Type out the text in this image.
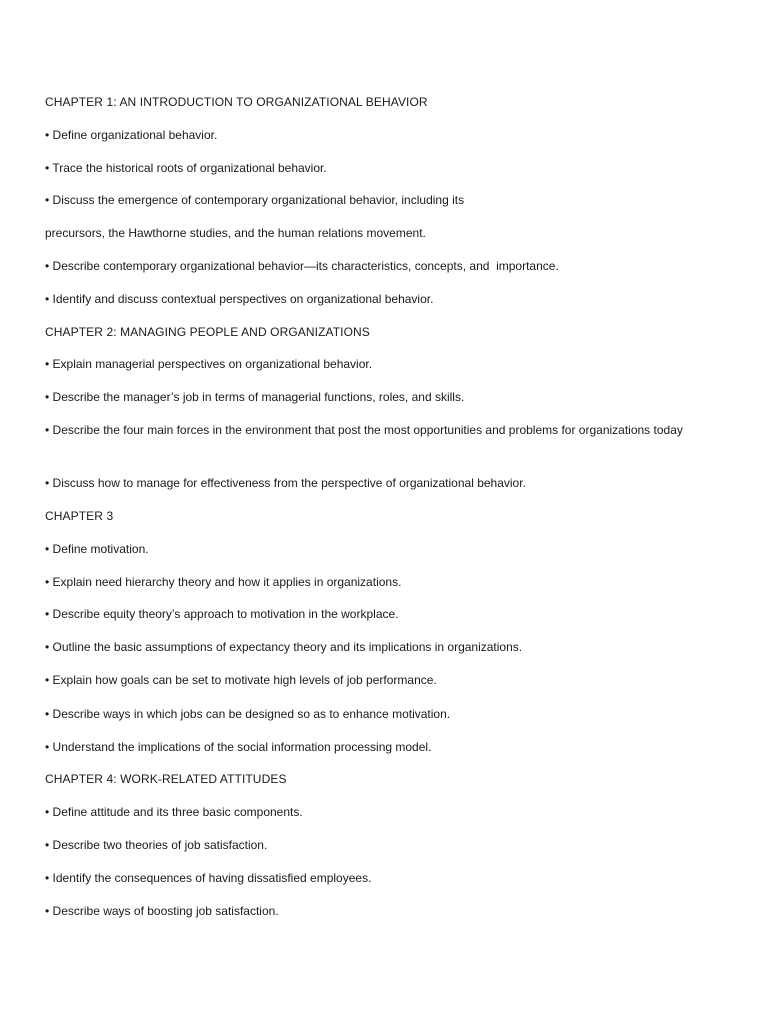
CHAPTER 1: AN INTRODUCTION TO ORGANIZATIONAL BEHAVIOR

• Define organizational behavior.

• Trace the historical roots of organizational behavior.

• Discuss the emergence of contemporary organizational behavior, including its

precursors, the Hawthorne studies, and the human relations movement.

• Describe contemporary organizational behavior—its characteristics, concepts, and  importance.

• Identify and discuss contextual perspectives on organizational behavior.

CHAPTER 2: MANAGING PEOPLE AND ORGANIZATIONS

• Explain managerial perspectives on organizational behavior.

• Describe the manager’s job in terms of managerial functions, roles, and skills.

• Describe the four main forces in the environment that post the most opportunities and problems for organizations today

• Discuss how to manage for effectiveness from the perspective of organizational behavior.

CHAPTER 3

• Define motivation.

• Explain need hierarchy theory and how it applies in organizations.

• Describe equity theory’s approach to motivation in the workplace.

• Outline the basic assumptions of expectancy theory and its implications in organizations.

• Explain how goals can be set to motivate high levels of job performance.

• Describe ways in which jobs can be designed so as to enhance motivation.

• Understand the implications of the social information processing model.

CHAPTER 4: WORK-RELATED ATTITUDES

• Define attitude and its three basic components.

• Describe two theories of job satisfaction.

• Identify the consequences of having dissatisfied employees.

• Describe ways of boosting job satisfaction.
